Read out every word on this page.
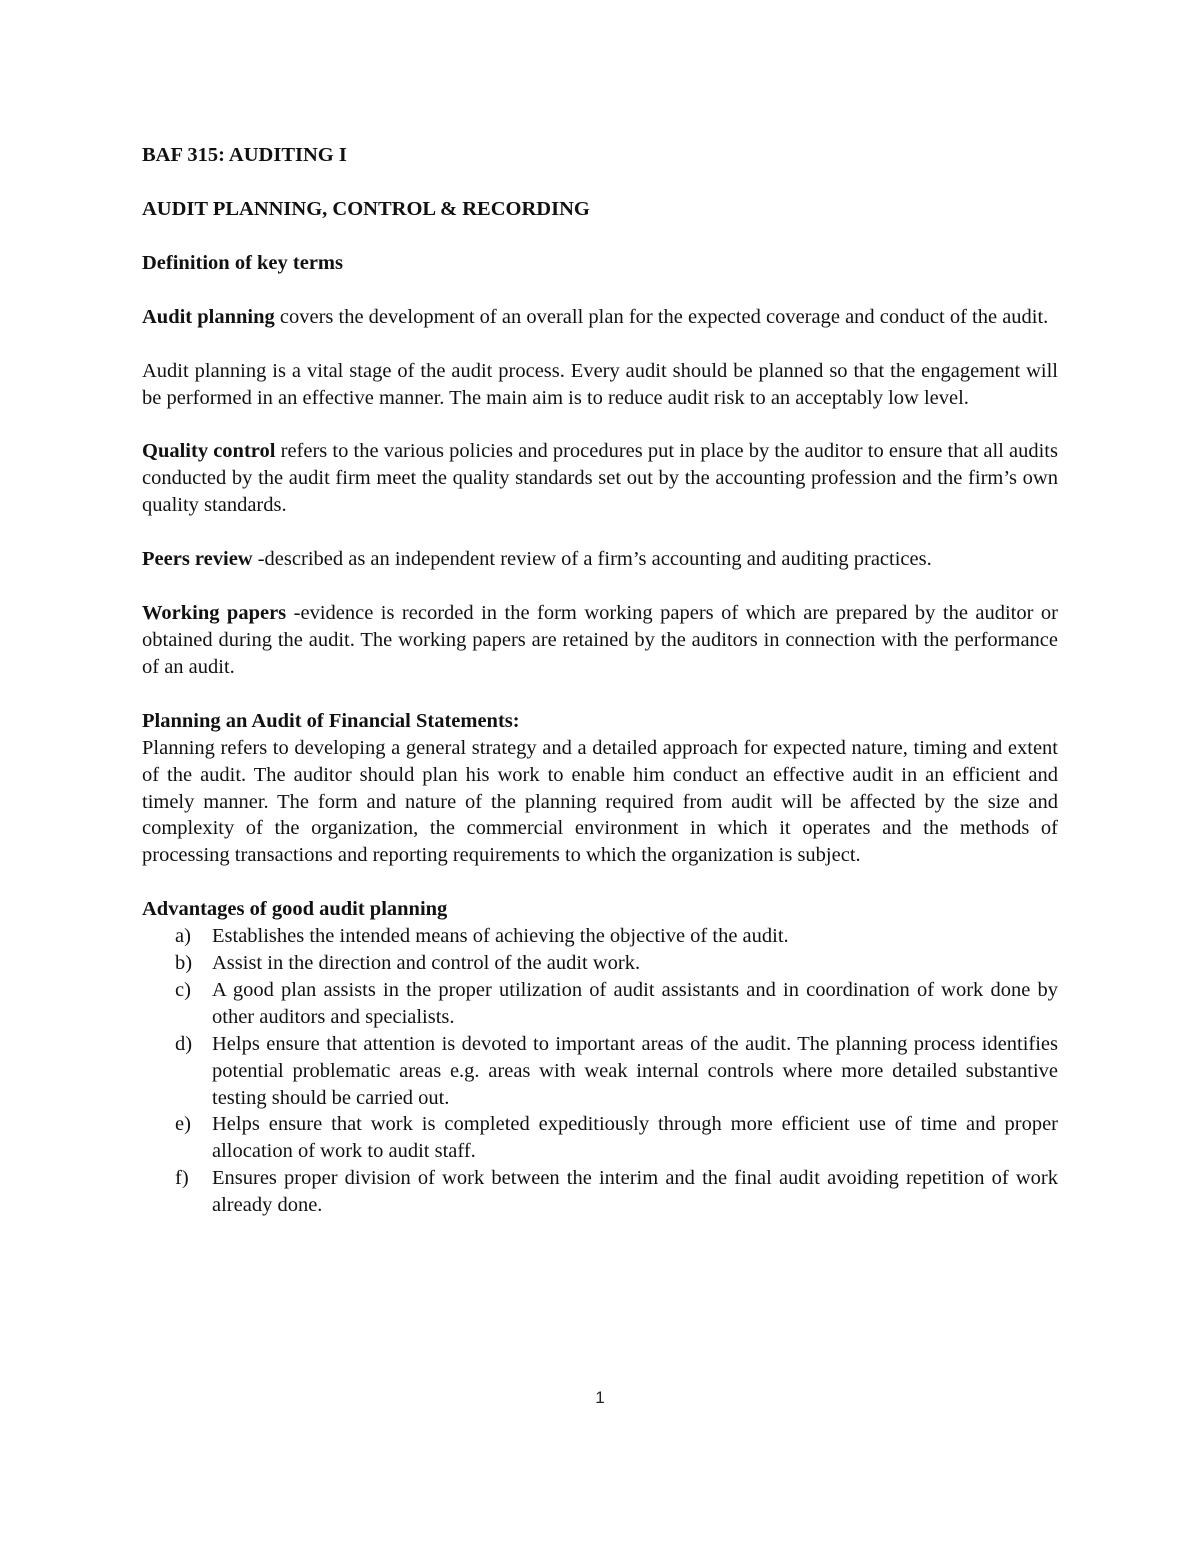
BAF 315: AUDITING I

AUDIT PLANNING, CONTROL & RECORDING

Definition of key terms

Audit planning covers the development of an overall plan for the expected coverage and conduct of the audit.

Audit planning is a vital stage of the audit process. Every audit should be planned so that the engagement will be performed in an effective manner. The main aim is to reduce audit risk to an acceptably low level.

Quality control refers to the various policies and procedures put in place by the auditor to ensure that all audits conducted by the audit firm meet the quality standards set out by the accounting profession and the firm’s own quality standards.

Peers review -described as an independent review of a firm’s accounting and auditing practices.

Working papers -evidence is recorded in the form working papers of which are prepared by the auditor or obtained during the audit. The working papers are retained by the auditors in connection with the performance of an audit.

Planning an Audit of Financial Statements:

Planning refers to developing a general strategy and a detailed approach for expected nature, timing and extent of the audit. The auditor should plan his work to enable him conduct an effective audit in an efficient and timely manner. The form and nature of the planning required from audit will be affected by the size and complexity of the organization, the commercial environment in which it operates and the methods of processing transactions and reporting requirements to which the organization is subject.

Advantages of good audit planning

a) Establishes the intended means of achieving the objective of the audit.
b) Assist in the direction and control of the audit work.
c) A good plan assists in the proper utilization of audit assistants and in coordination of work done by other auditors and specialists.
d) Helps ensure that attention is devoted to important areas of the audit. The planning process identifies potential problematic areas e.g. areas with weak internal controls where more detailed substantive testing should be carried out.
e) Helps ensure that work is completed expeditiously through more efficient use of time and proper allocation of work to audit staff.
f) Ensures proper division of work between the interim and the final audit avoiding repetition of work already done.
1
